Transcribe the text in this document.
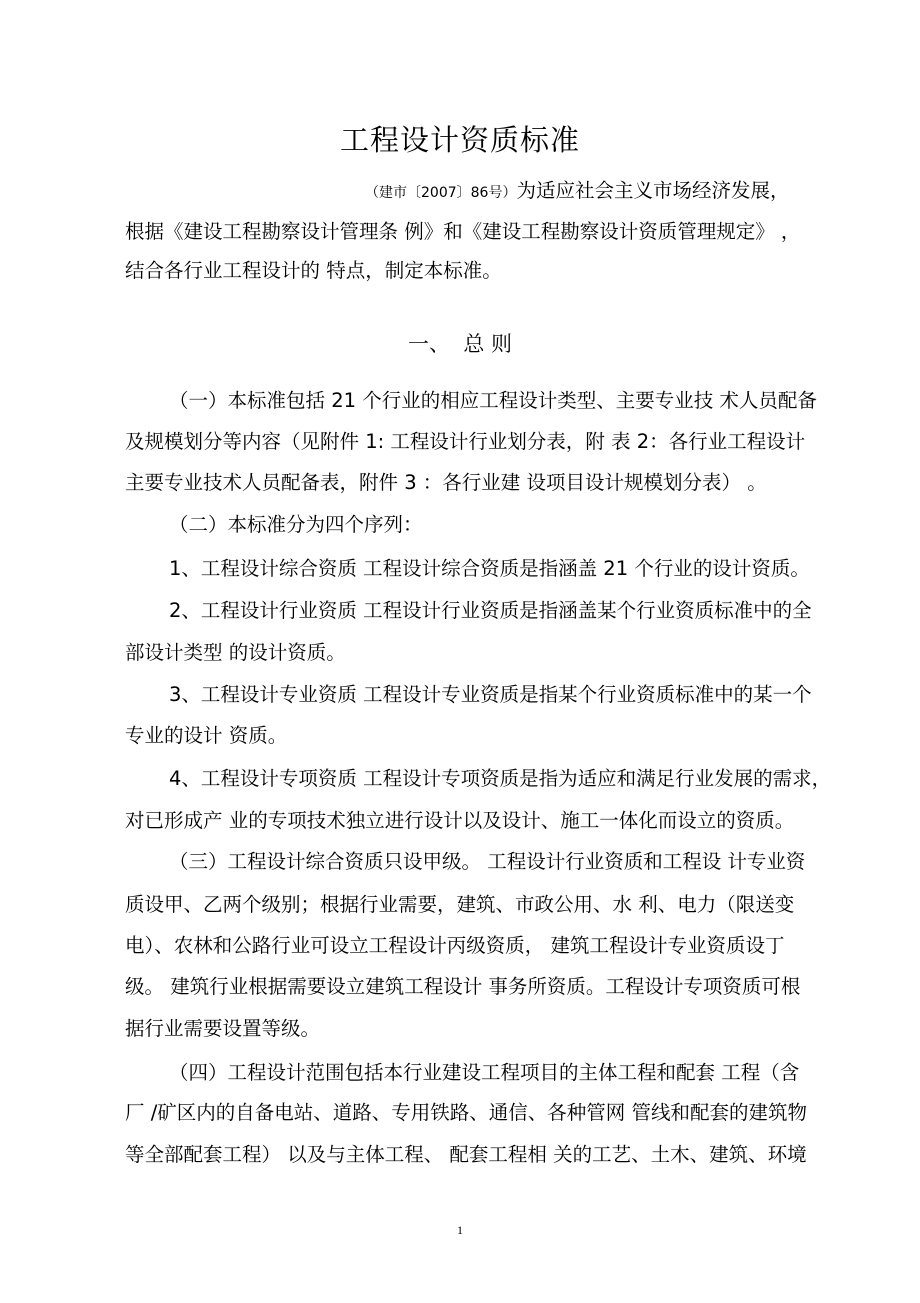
工程设计资质标准

（建市〔2007〕86号）为适应社会主义市场经济发展，

根据《建设工程勘察设计管理条 例》和《建设工程勘察设计资质管理规定》 ，

结合各行业工程设计的 特点，制定本标准。

一、  总 则

（一）本标准包括 21 个行业的相应工程设计类型、主要专业技 术人员配备

及规模划分等内容（见附件 1: 工程设计行业划分表，附 表 2：各行业工程设计

主要专业技术人员配备表，附件 3 ：各行业建 设项目设计规模划分表） 。

（二）本标准分为四个序列：

1、工程设计综合资质 工程设计综合资质是指涵盖 21 个行业的设计资质。

2、工程设计行业资质 工程设计行业资质是指涵盖某个行业资质标准中的全

部设计类型 的设计资质。

3、工程设计专业资质 工程设计专业资质是指某个行业资质标准中的某一个

专业的设计 资质。

4、工程设计专项资质 工程设计专项资质是指为适应和满足行业发展的需求，

对已形成产 业的专项技术独立进行设计以及设计、施工一体化而设立的资质。

（三）工程设计综合资质只设甲级。 工程设计行业资质和工程设 计专业资

质设甲、乙两个级别；根据行业需要，建筑、市政公用、水 利、电力（限送变

电）、农林和公路行业可设立工程设计丙级资质， 建筑工程设计专业资质设丁

级。 建筑行业根据需要设立建筑工程设计 事务所资质。工程设计专项资质可根

据行业需要设置等级。

（四）工程设计范围包括本行业建设工程项目的主体工程和配套 工程（含

厂 /矿区内的自备电站、道路、专用铁路、通信、各种管网 管线和配套的建筑物

等全部配套工程） 以及与主体工程、 配套工程相 关的工艺、土木、建筑、环境

1
